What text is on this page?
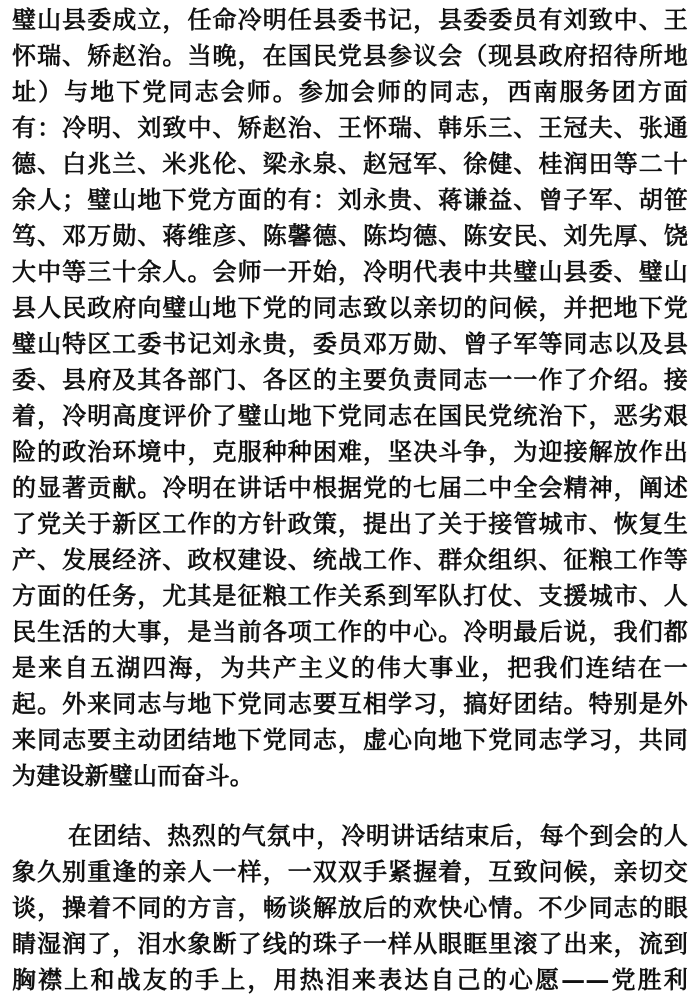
璧山县委成立，任命冷明任县委书记，县委委员有刘致中、王
怀瑞、矫赵治。当晚，在国民党县参议会（现县政府招待所地
址）与地下党同志会师。参加会师的同志，西南服务团方面
有：冷明、刘致中、矫赵治、王怀瑞、韩乐三、王冠夫、张通
德、白兆兰、米兆伦、梁永泉、赵冠军、徐健、桂润田等二十
余人；璧山地下党方面的有：刘永贵、蒋谦益、曾子军、胡笹
笃、邓万勋、蒋维彦、陈馨德、陈均德、陈安民、刘先厚、饶
大中等三十余人。会师一开始，冷明代表中共璧山县委、璧山
县人民政府向璧山地下党的同志致以亲切的问候，并把地下党
璧山特区工委书记刘永贵，委员邓万勋、曾子军等同志以及县
委、县府及其各部门、各区的主要负责同志一一作了介绍。接
着，冷明高度评价了璧山地下党同志在国民党统治下，恶劣艰
险的政治环境中，克服种种困难，坚决斗争，为迎接解放作出
的显著贡献。冷明在讲话中根据党的七届二中全会精神，阐述
了党关于新区工作的方针政策，提出了关于接管城市、恢复生
产、发展经济、政权建设、统战工作、群众组织、征粮工作等
方面的任务，尤其是征粮工作关系到军队打仗、支援城市、人
民生活的大事，是当前各项工作的中心。冷明最后说，我们都
是来自五湖四海，为共产主义的伟大事业，把我们连结在一
起。外来同志与地下党同志要互相学习，搞好团结。特别是外
来同志要主动团结地下党同志，虚心向地下党同志学习，共同
为建设新璧山而奋斗。
在团结、热烈的气氛中，冷明讲话结束后，每个到会的人
象久别重逢的亲人一样，一双双手紧握着，互致问候，亲切交
谈，操着不同的方言，畅谈解放后的欢快心情。不少同志的眼
睛湿润了，泪水象断了线的珠子一样从眼眶里滚了出来，流到
胸襟上和战友的手上，用热泪来表达自己的心愿——党胜利
